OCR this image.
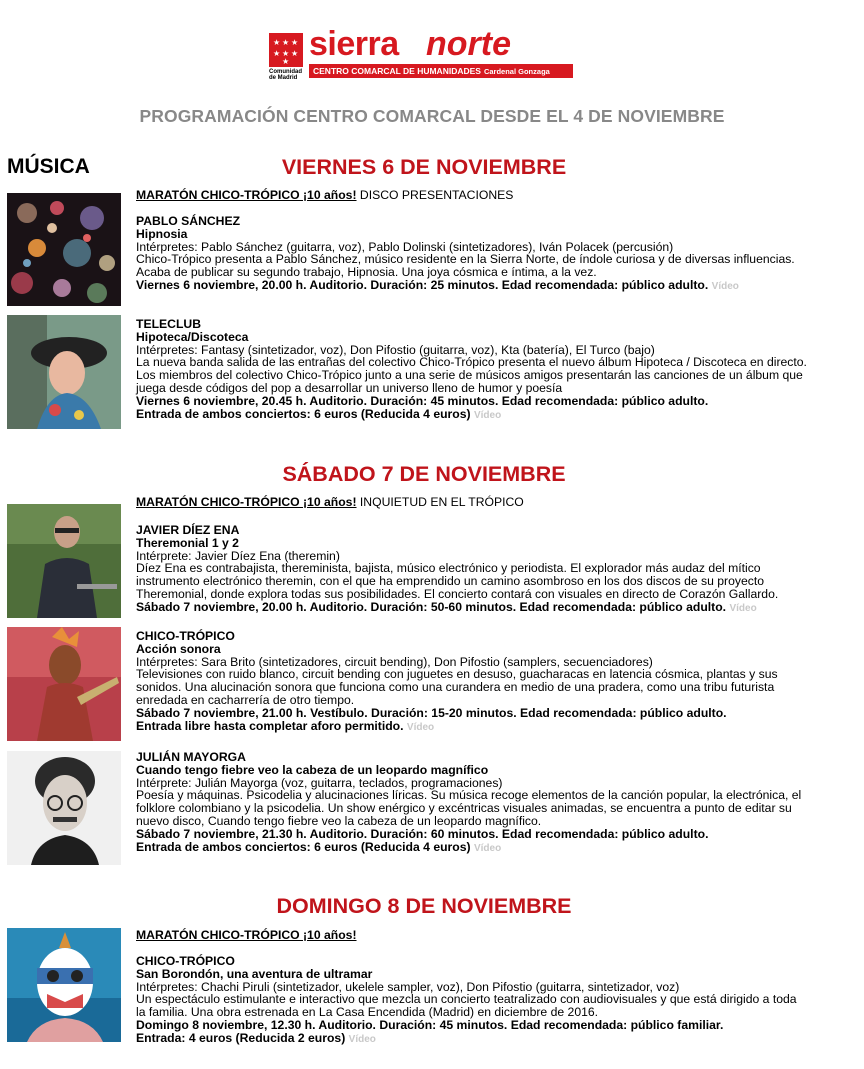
★ ★ ★
★ ★ ★
★
Comunidad
de Madrid
sierra norte
CENTRO COMARCAL DE HUMANIDADES Cardenal Gonzaga
PROGRAMACIÓN CENTRO COMARCAL DESDE EL 4 DE NOVIEMBRE
MÚSICA	VIERNES 6 DE NOVIEMBRE
MARATÓN CHICO-TRÓPICO ¡10 años! DISCO PRESENTACIONES
PABLO SÁNCHEZ
Hipnosia
Intérpretes: Pablo Sánchez (guitarra, voz), Pablo Dolinski (sintetizadores), Iván Polacek (percusión)
Chico-Trópico presenta a Pablo Sánchez, músico residente en la Sierra Norte, de índole curiosa y de diversas influencias.
Acaba de publicar su segundo trabajo, Hipnosia. Una joya cósmica e íntima, a la vez.
Viernes 6 noviembre, 20.00 h. Auditorio. Duración: 25 minutos. Edad recomendada: público adulto. Vídeo
TELECLUB
Hipoteca/Discoteca
Intérpretes: Fantasy (sintetizador, voz), Don Pifostio (guitarra, voz), Kta (batería), El Turco (bajo)
La nueva banda salida de las entrañas del colectivo Chico-Trópico presenta el nuevo álbum Hipoteca / Discoteca en directo.
Los miembros del colectivo Chico-Trópico junto a una serie de músicos amigos presentarán las canciones de un álbum que
juega desde códigos del pop a desarrollar un universo lleno de humor y poesía
Viernes 6 noviembre, 20.45 h. Auditorio. Duración: 45 minutos. Edad recomendada: público adulto.
Entrada de ambos conciertos: 6 euros (Reducida 4 euros) Vídeo
SÁBADO 7 DE NOVIEMBRE
MARATÓN CHICO-TRÓPICO ¡10 años! INQUIETUD EN EL TRÓPICO
JAVIER DÍEZ ENA
Theremonial 1 y 2
Intérprete: Javier Díez Ena (theremin)
Díez Ena es contrabajista, thereminista, bajista, músico electrónico y periodista. El explorador más audaz del mítico
instrumento electrónico theremin, con el que ha emprendido un camino asombroso en los dos discos de su proyecto
Theremonial, donde explora todas sus posibilidades. El concierto contará con visuales en directo de Corazón Gallardo.
Sábado 7 noviembre, 20.00 h. Auditorio. Duración: 50-60 minutos. Edad recomendada: público adulto. Vídeo
CHICO-TRÓPICO
Acción sonora
Intérpretes: Sara Brito (sintetizadores, circuit bending), Don Pifostio (samplers, secuenciadores)
Televisiones con ruido blanco, circuit bending con juguetes en desuso, guacharacas en latencia cósmica, plantas y sus
sonidos. Una alucinación sonora que funciona como una curandera en medio de una pradera, como una tribu futurista
enredada en cacharrería de otro tiempo.
Sábado 7 noviembre, 21.00 h. Vestíbulo. Duración: 15-20 minutos. Edad recomendada: público adulto.
Entrada libre hasta completar aforo permitido. Vídeo
JULIÁN MAYORGA
Cuando tengo fiebre veo la cabeza de un leopardo magnífico
Intérprete: Julián Mayorga (voz, guitarra, teclados, programaciones)
Poesía y máquinas. Psicodelia y alucinaciones líricas. Su música recoge elementos de la canción popular, la electrónica, el
folklore colombiano y la psicodelia. Un show enérgico y excéntricas visuales animadas, se encuentra a punto de editar su
nuevo disco, Cuando tengo fiebre veo la cabeza de un leopardo magnífico.
Sábado 7 noviembre, 21.30 h. Auditorio. Duración: 60 minutos. Edad recomendada: público adulto.
Entrada de ambos conciertos: 6 euros (Reducida 4 euros) Vídeo
DOMINGO 8 DE NOVIEMBRE
MARATÓN CHICO-TRÓPICO ¡10 años!
CHICO-TRÓPICO
San Borondón, una aventura de ultramar
Intérpretes: Chachi Piruli (sintetizador, ukelele sampler, voz), Don Pifostio (guitarra, sintetizador, voz)
Un espectáculo estimulante e interactivo que mezcla un concierto teatralizado con audiovisuales y que está dirigido a toda
la familia. Una obra estrenada en La Casa Encendida (Madrid) en diciembre de 2016.
Domingo 8 noviembre, 12.30 h. Auditorio. Duración: 45 minutos. Edad recomendada: público familiar.
Entrada: 4 euros (Reducida 2 euros) Vídeo
